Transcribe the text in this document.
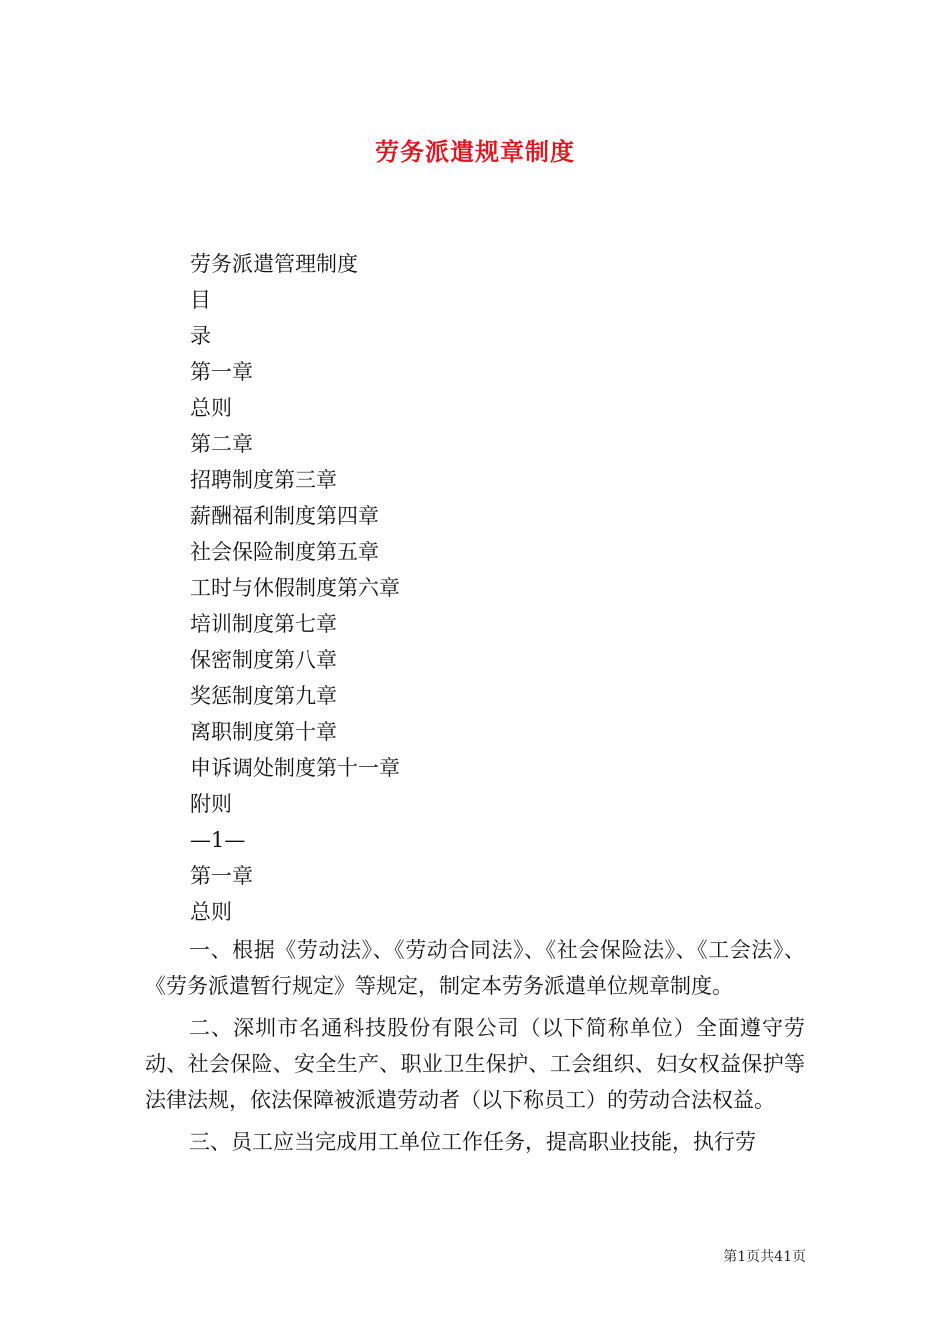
劳务派遣规章制度
劳务派遣管理制度
目
录
第一章
总则
第二章
招聘制度第三章
薪酬福利制度第四章
社会保险制度第五章
工时与休假制度第六章
培训制度第七章
保密制度第八章
奖惩制度第九章
离职制度第十章
申诉调处制度第十一章
附则
—1—
第一章
总则

一、根据《劳动法》、《劳动合同法》、《社会保险法》、《工会法》、《劳务派遣暂行规定》等规定，制定本劳务派遣单位规章制度。

二、深圳市名通科技股份有限公司（以下简称单位）全面遵守劳动、社会保险、安全生产、职业卫生保护、工会组织、妇女权益保护等法律法规，依法保障被派遣劳动者（以下称员工）的劳动合法权益。

三、员工应当完成用工单位工作任务，提高职业技能，执行劳

第1页共41页
